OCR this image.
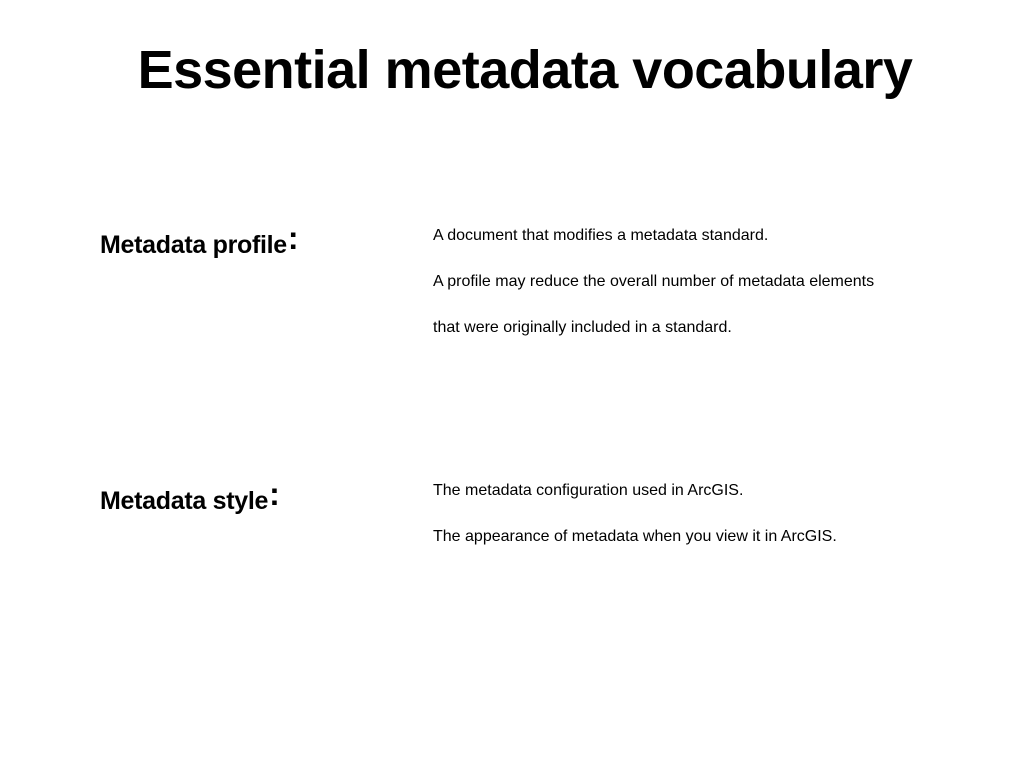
Essential metadata vocabulary
Metadata profile:	A document that modifies a metadata standard.
A profile may reduce the overall number of metadata elements
that were originally included in a standard.
Metadata style:	The metadata configuration used in ArcGIS.
The appearance of metadata when you view it in ArcGIS.
